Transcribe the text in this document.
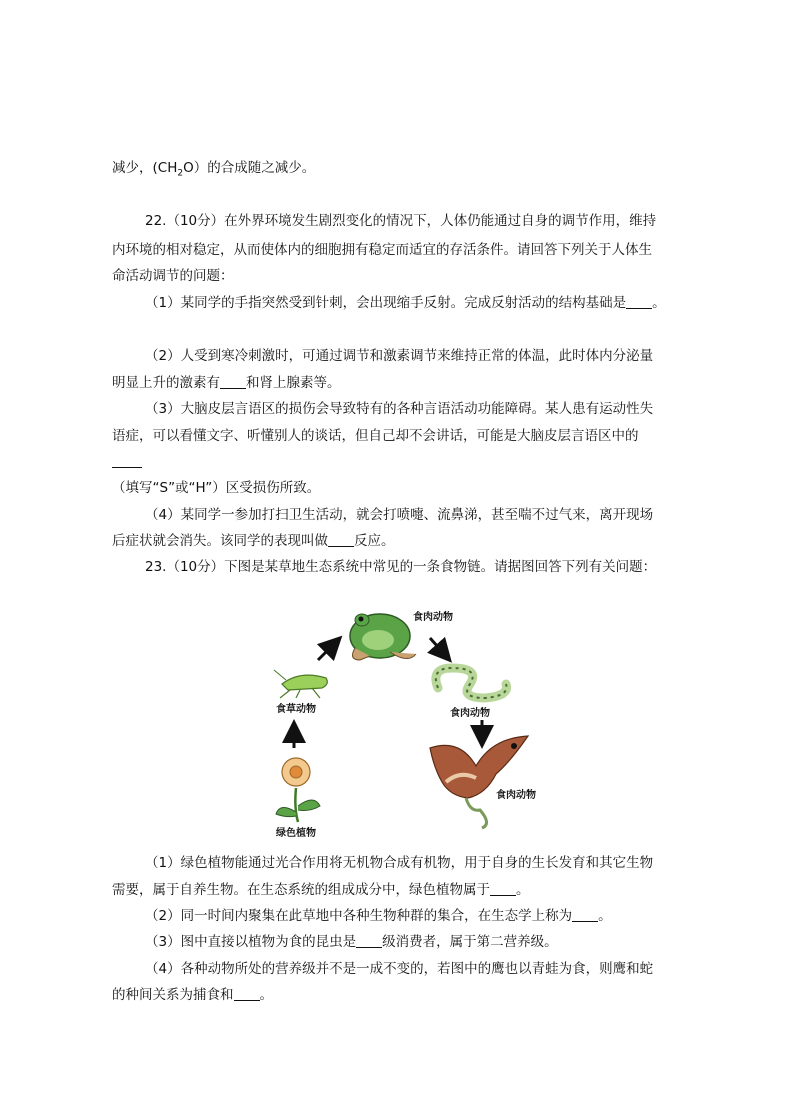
减少，$(CH_2O)$的合成随之减少。
22.（10分）在外界环境发生剧烈变化的情况下，人体仍能通过自身的调节作用，维持
内环境的相对稳定，从而使体内的细胞拥有稳定而适宜的存活条件。请回答下列关于人体生
命活动调节的问题：
（1）某同学的手指突然受到针刺，会出现缩手反射。完成反射活动的结构基础是 。
（2）人受到寒冷刺激时，可通过调节和激素调节来维持正常的体温，此时体内分泌量
明显上升的激素有 和肾上腺素等。
（3）大脑皮层言语区的损伤会导致特有的各种言语活动功能障碍。某人患有运动性失
语症，可以看懂文字、听懂别人的谈话，但自己却不会讲话，可能是大脑皮层言语区中的
（填写“S”或“H”）区受损伤所致。
（4）某同学一参加打扫卫生活动，就会打喷嚏、流鼻涕，甚至喘不过气来，离开现场
后症状就会消失。该同学的表现叫做 反应。
23.（10分）下图是某草地生态系统中常见的一条食物链。请据图回答下列有关问题：
食肉动物
食草动物	食肉动物
食肉动物
绿色植物
（1）绿色植物能通过光合作用将无机物合成有机物，用于自身的生长发育和其它生物
需要，属于自养生物。在生态系统的组成成分中，绿色植物属于 。
（2）同一时间内聚集在此草地中各种生物种群的集合，在生态学上称为 。
（3）图中直接以植物为食的昆虫是 级消费者，属于第二营养级。
（4）各种动物所处的营养级并不是一成不变的，若图中的鹰也以青蛙为食，则鹰和蛇
的种间关系为捕食和 。
